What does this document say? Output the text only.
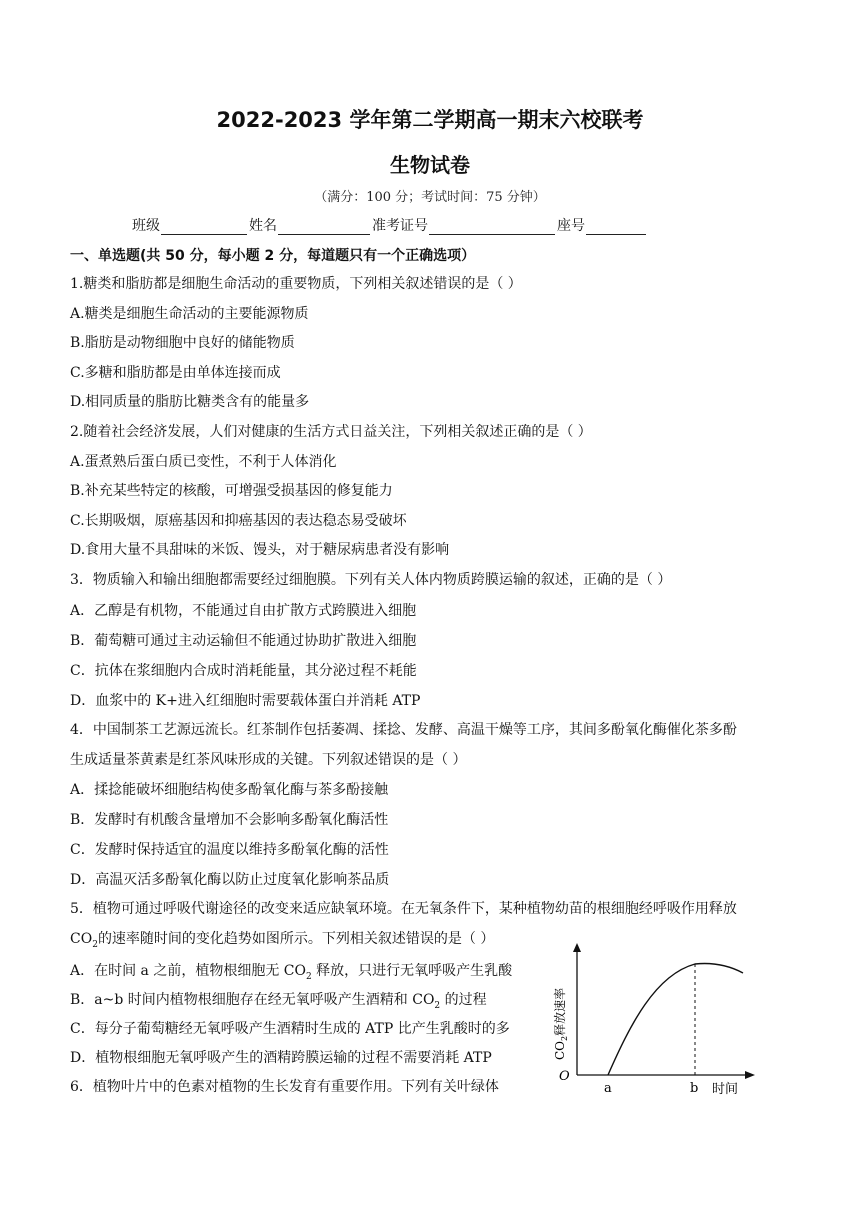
2022-2023 学年第二学期高一期末六校联考
生物试卷
（满分：100 分；考试时间：75 分钟）
班级	姓名	准考证号	座号
一、单选题(共 50 分，每小题 2 分，每道题只有一个正确选项）
1.糖类和脂肪都是细胞生命活动的重要物质，下列相关叙述错误的是（ ）
A.糖类是细胞生命活动的主要能源物质
B.脂肪是动物细胞中良好的储能物质
C.多糖和脂肪都是由单体连接而成
D.相同质量的脂肪比糖类含有的能量多
2.随着社会经济发展，人们对健康的生活方式日益关注，下列相关叙述正确的是（ ）
A.蛋煮熟后蛋白质已变性，不利于人体消化
B.补充某些特定的核酸，可增强受损基因的修复能力
C.长期吸烟，原癌基因和抑癌基因的表达稳态易受破坏
D.食用大量不具甜味的米饭、馒头，对于糖尿病患者没有影响
3．物质输入和输出细胞都需要经过细胞膜。下列有关人体内物质跨膜运输的叙述，正确的是（ ）
A．乙醇是有机物，不能通过自由扩散方式跨膜进入细胞
B．葡萄糖可通过主动运输但不能通过协助扩散进入细胞
C．抗体在浆细胞内合成时消耗能量，其分泌过程不耗能
D．血浆中的 K+进入红细胞时需要载体蛋白并消耗 ATP
4．中国制茶工艺源远流长。红茶制作包括萎凋、揉捻、发酵、高温干燥等工序，其间多酚氧化酶催化茶多酚
生成适量茶黄素是红茶风味形成的关键。下列叙述错误的是（ ）
A．揉捻能破坏细胞结构使多酚氧化酶与茶多酚接触
B．发酵时有机酸含量增加不会影响多酚氧化酶活性
C．发酵时保持适宜的温度以维持多酚氧化酶的活性
D．高温灭活多酚氧化酶以防止过度氧化影响茶品质
5．植物可通过呼吸代谢途径的改变来适应缺氧环境。在无氧条件下，某种植物幼苗的根细胞经呼吸作用释放
$CO_2$的速率随时间的变化趋势如图所示。下列相关叙述错误的是（ ）
A．在时间 a 之前，植物根细胞无 $CO_2$ 释放，只进行无氧呼吸产生乳酸
B．a~b 时间内植物根细胞存在经无氧呼吸产生酒精和 $CO_2$ 的过程
C．每分子葡萄糖经无氧呼吸产生酒精时生成的 ATP 比产生乳酸时的多
D．植物根细胞无氧呼吸产生的酒精跨膜运输的过程不需要消耗 ATP
6．植物叶片中的色素对植物的生长发育有重要作用。下列有关叶绿体
O
a	b 时间
$CO_2$释放速率
